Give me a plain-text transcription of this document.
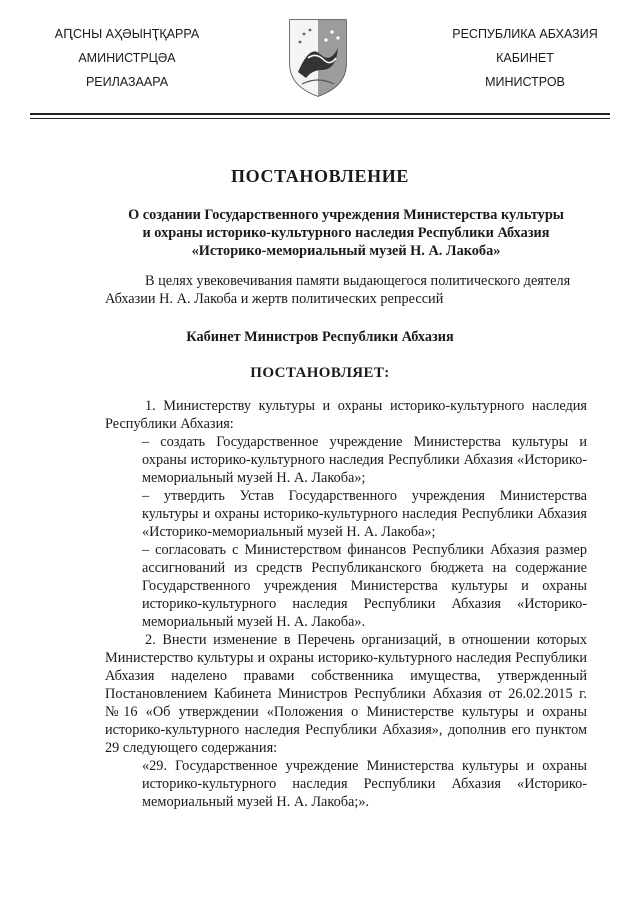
АԤСНЫ АҲӘЫНҬҚАРРА
АМИНИСТРЦӘА
РЕИЛАЗААРА
РЕСПУБЛИКА АБХАЗИЯ
КАБИНЕТ
МИНИСТРОВ
ПОСТАНОВЛЕНИЕ
О создании Государственного учреждения Министерства культуры
и охраны историко-культурного наследия Республики Абхазия
«Историко-мемориальный музей Н. А. Лакоба»
В целях увековечивания памяти выдающегося политического деятеля
Абхазии Н. А. Лакоба и жертв политических репрессий
Кабинет Министров Республики Абхазия
ПОСТАНОВЛЯЕТ:

1. Министерству культуры и охраны историко-культурного наследия Республики Абхазия:

– создать Государственное учреждение Министерства культуры и охраны историко-культурного наследия Республики Абхазия «Историко-мемориальный музей Н. А. Лакоба»;

– утвердить Устав Государственного учреждения Министерства культуры и охраны историко-культурного наследия Республики Абхазия «Историко-мемориальный музей Н. А. Лакоба»;

– согласовать с Министерством финансов Республики Абхазия размер ассигнований из средств Республиканского бюджета на содержание Государственного учреждения Министерства культуры и охраны историко-культурного наследия Республики Абхазия «Историко-мемориальный музей Н. А. Лакоба».

2. Внести изменение в Перечень организаций, в отношении которых Министерство культуры и охраны историко-культурного наследия Республики Абхазия наделено правами собственника имущества, утвержденный Постановлением Кабинета Министров Республики Абхазия от 26.02.2015 г. №16 «Об утверждении «Положения о Министерстве культуры и охраны историко-культурного наследия Республики Абхазия», дополнив его пунктом 29 следующего содержания:

«29. Государственное учреждение Министерства культуры и охраны историко-культурного наследия Республики Абхазия «Историко-мемориальный музей Н. А. Лакоба;».
